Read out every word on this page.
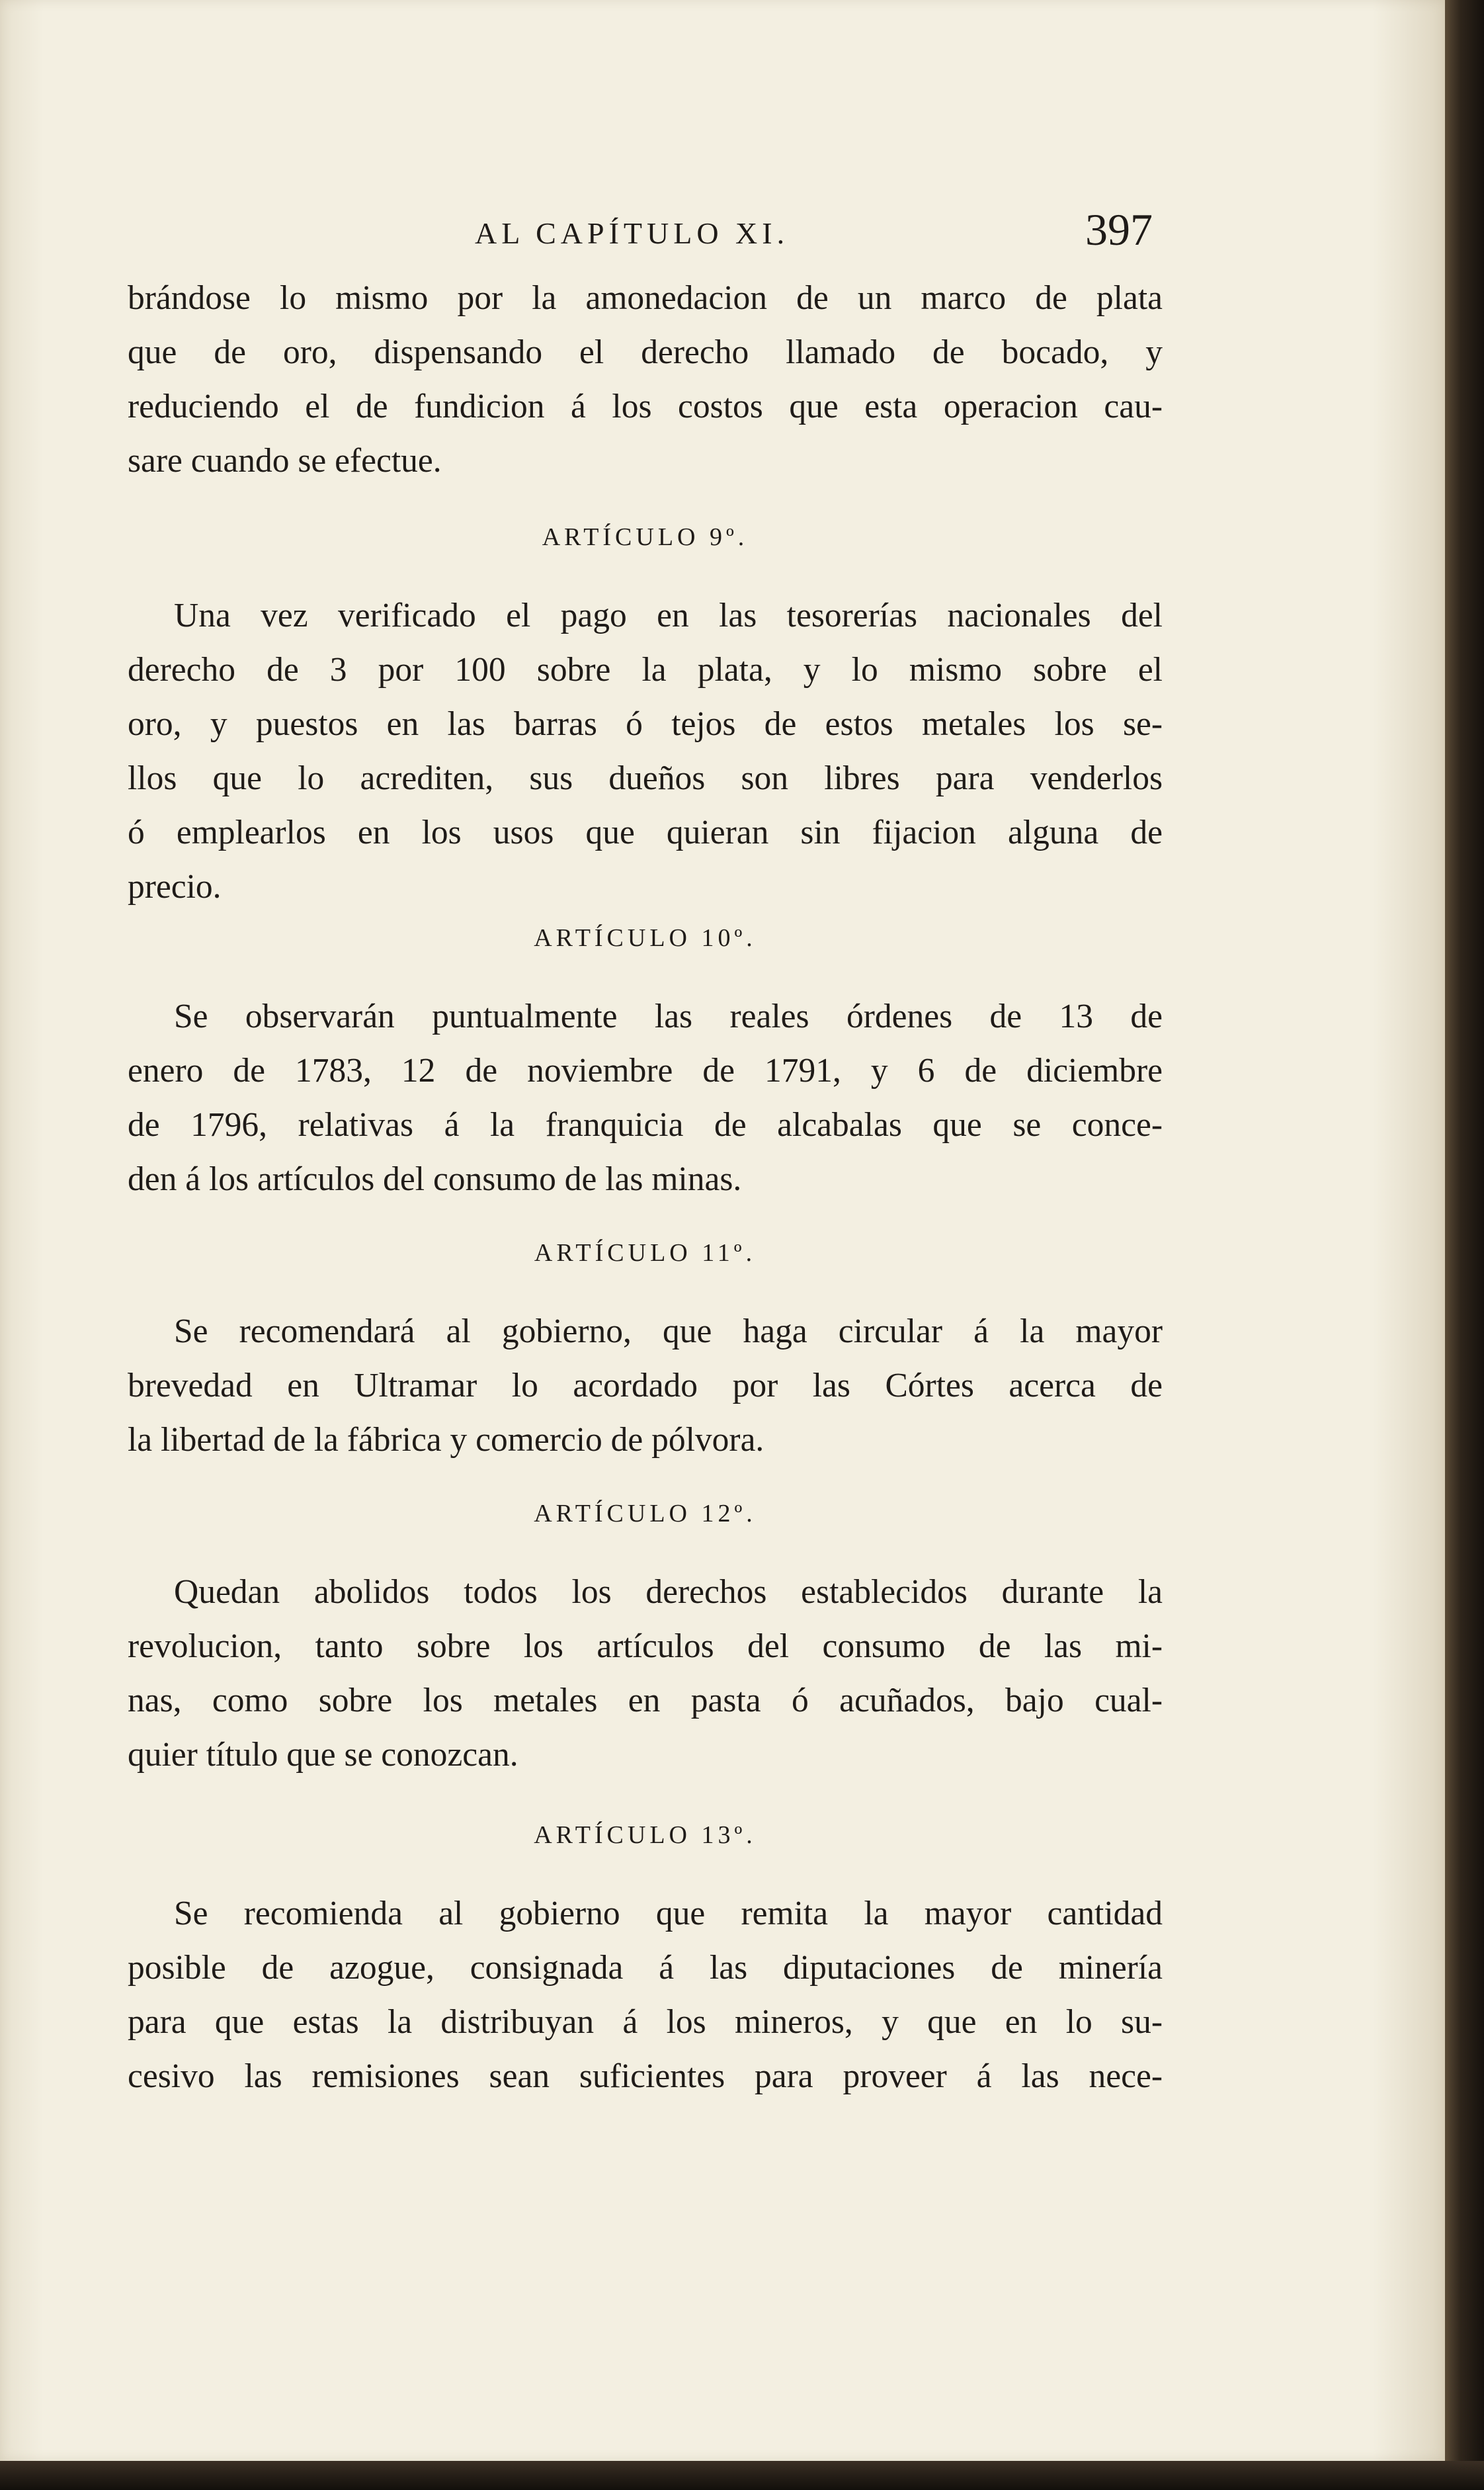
AL CAPÍTULO XI.	397

brándose lo mismo por la amonedacion de un marco de plata
que de oro, dispensando el derecho llamado de bocado, y
reduciendo el de fundicion á los costos que esta operacion cau-
sare cuando se efectue.

ARTÍCULO 9º.

Una vez verificado el pago en las tesorerías nacionales del
derecho de 3 por 100 sobre la plata, y lo mismo sobre el
oro, y puestos en las barras ó tejos de estos metales los se-
llos que lo acrediten, sus dueños son libres para venderlos
ó emplearlos en los usos que quieran sin fijacion alguna de
precio.

ARTÍCULO 10º.

Se observarán puntualmente las reales órdenes de 13 de
enero de 1783, 12 de noviembre de 1791, y 6 de diciembre
de 1796, relativas á la franquicia de alcabalas que se conce-
den á los artículos del consumo de las minas.

ARTÍCULO 11º.

Se recomendará al gobierno, que haga circular á la mayor
brevedad en Ultramar lo acordado por las Córtes acerca de
la libertad de la fábrica y comercio de pólvora.

ARTÍCULO 12º.

Quedan abolidos todos los derechos establecidos durante la
revolucion, tanto sobre los artículos del consumo de las mi-
nas, como sobre los metales en pasta ó acuñados, bajo cual-
quier título que se conozcan.

ARTÍCULO 13º.

Se recomienda al gobierno que remita la mayor cantidad
posible de azogue, consignada á las diputaciones de minería
para que estas la distribuyan á los mineros, y que en lo su-
cesivo las remisiones sean suficientes para proveer á las nece-
